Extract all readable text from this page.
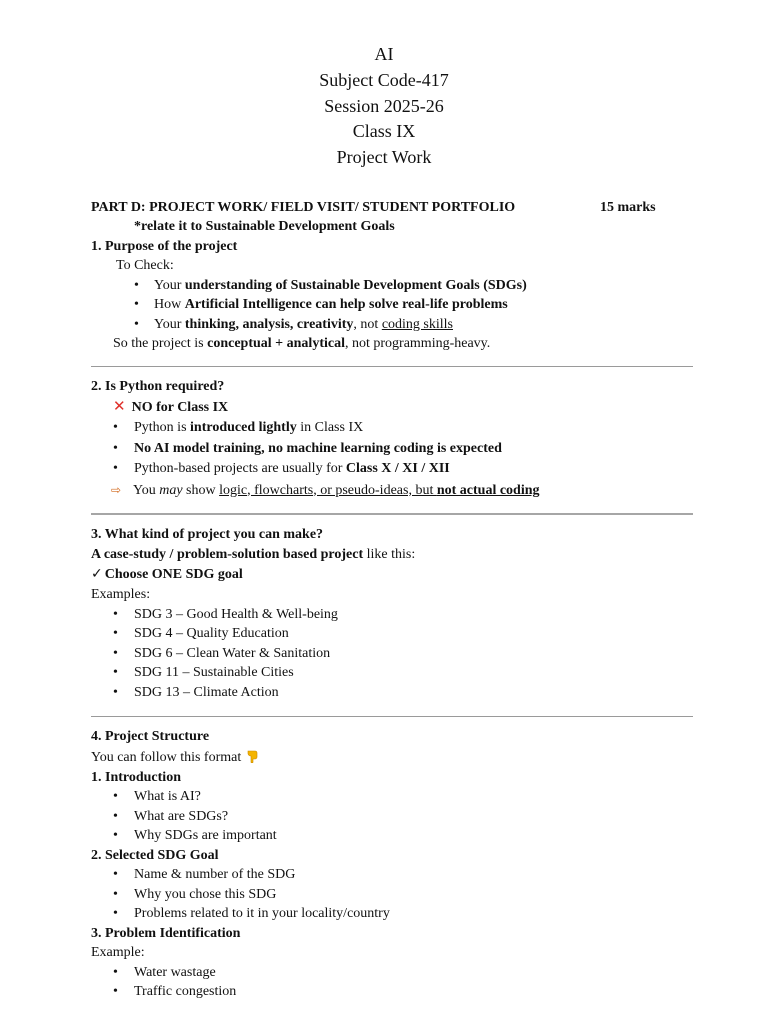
AI
Subject Code-417
Session 2025-26
Class IX
Project Work
PART D: PROJECT WORK/ FIELD VISIT/ STUDENT PORTFOLIO	15 marks
*relate it to Sustainable Development Goals
1. Purpose of the project
To Check:
• Your understanding of Sustainable Development Goals (SDGs)
• How Artificial Intelligence can help solve real-life problems
• Your thinking, analysis, creativity, not coding skills
So the project is conceptual + analytical, not programming-heavy.
2. Is Python required?
✕ NO for Class IX
• Python is introduced lightly in Class IX
• No AI model training, no machine learning coding is expected
• Python-based projects are usually for Class X / XI / XII
⇨ You may show logic, flowcharts, or pseudo-ideas, but not actual coding
3. What kind of project you can make?
A case-study / problem-solution based project like this:
✓ Choose ONE SDG goal
Examples:
• SDG 3 – Good Health & Well-being
• SDG 4 – Quality Education
• SDG 6 – Clean Water & Sanitation
• SDG 11 – Sustainable Cities
• SDG 13 – Climate Action
4. Project Structure
You can follow this format
1. Introduction
• What is AI?
• What are SDGs?
• Why SDGs are important
2. Selected SDG Goal
• Name & number of the SDG
• Why you chose this SDG
• Problems related to it in your locality/country
3. Problem Identification
Example:
• Water wastage
• Traffic congestion
